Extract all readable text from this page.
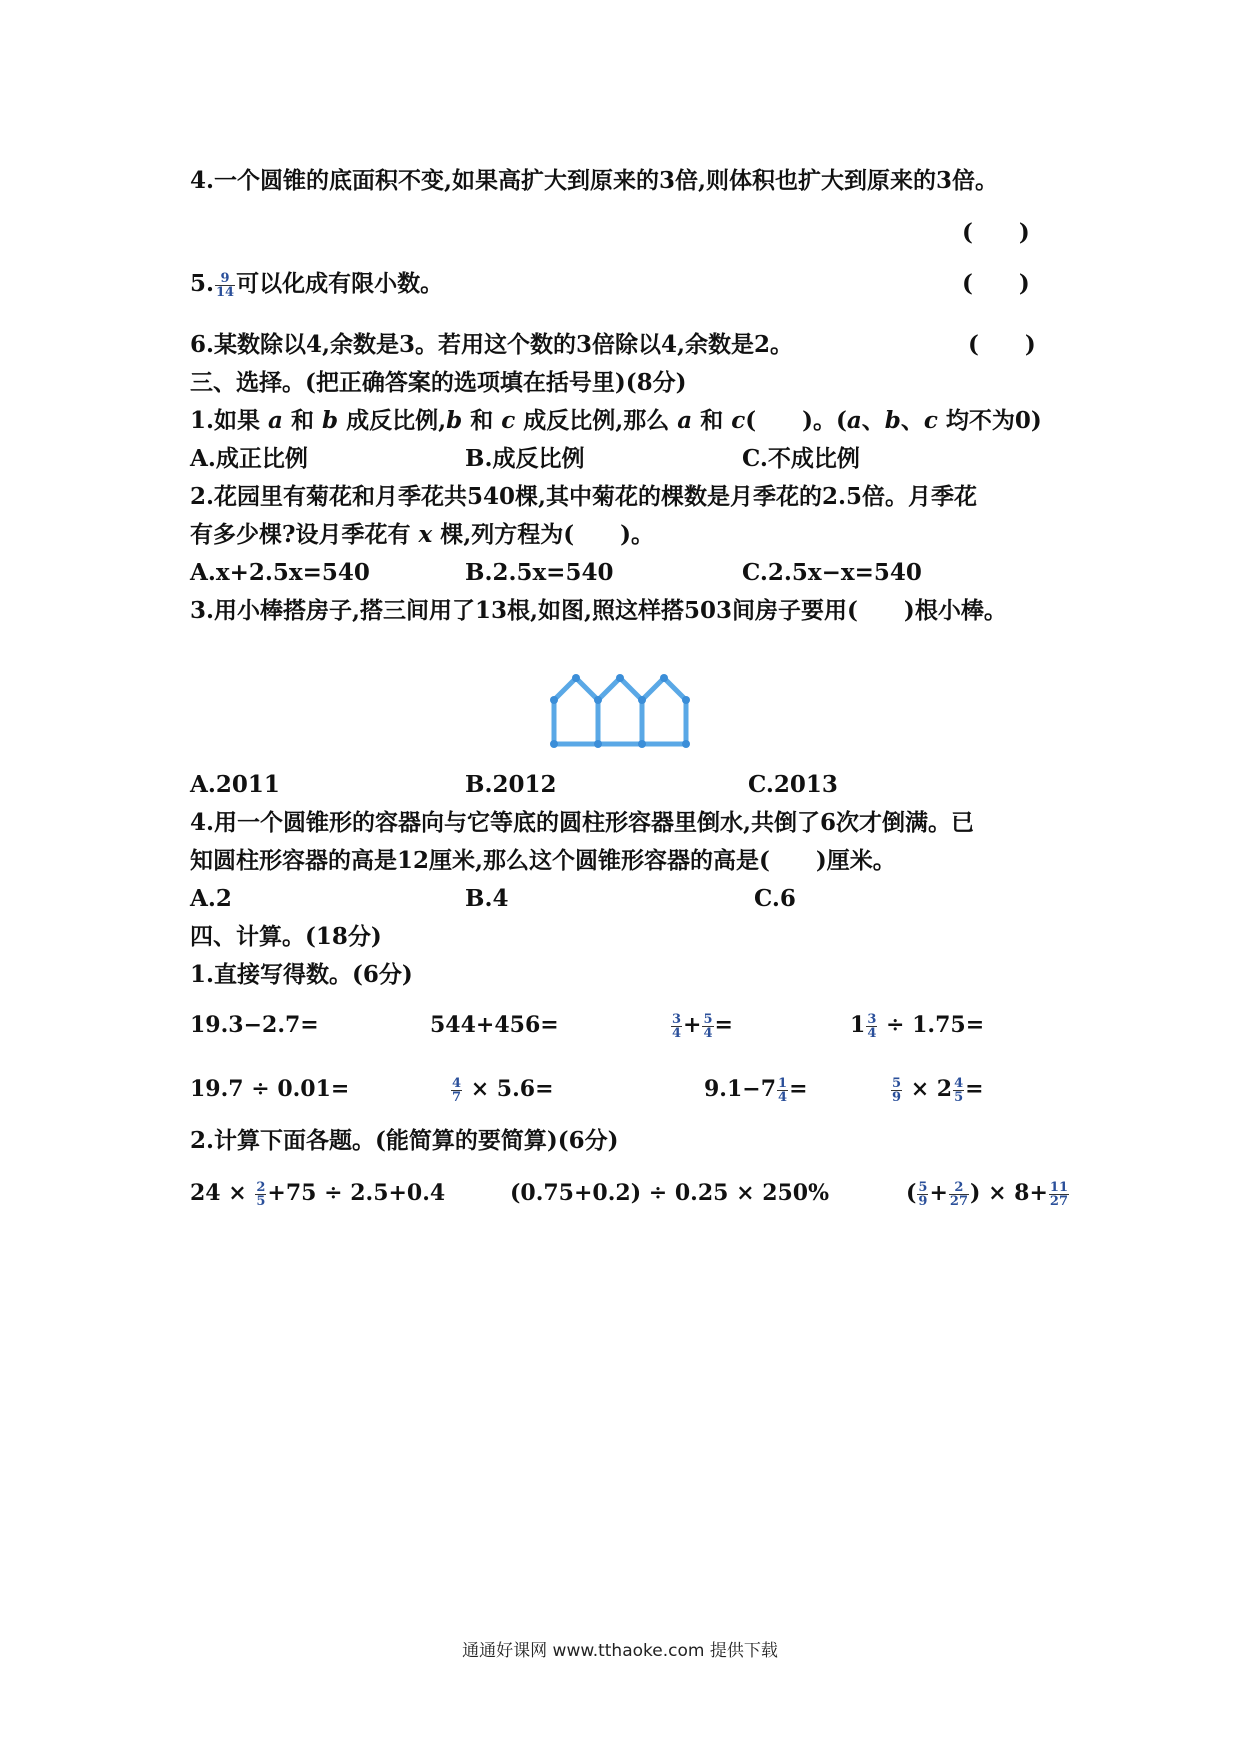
4.一个圆锥的底面积不变,如果高扩大到原来的3倍,则体积也扩大到原来的3倍。
(　　)
5. $\frac{9}{14}$ 可以化成有限小数。	(　　)
6.某数除以4,余数是3。若用这个数的3倍除以4,余数是2。	(　　)
三、选择。(把正确答案的选项填在括号里)(8分)
1.如果 a 和 b 成反比例,b 和 c 成反比例,那么 a 和 c(　　)。(a、b、c 均不为0)
A.成正比例	B.成反比例	C.不成比例
2.花园里有菊花和月季花共540棵,其中菊花的棵数是月季花的2.5倍。月季花
有多少棵?设月季花有 x 棵,列方程为(　　)。
A.x+2.5x=540	B.2.5x=540	C.2.5x−x=540
3.用小棒搭房子,搭三间用了13根,如图,照这样搭503间房子要用(　　)根小棒。
A.2011	B.2012	C.2013
4.用一个圆锥形的容器向与它等底的圆柱形容器里倒水,共倒了6次才倒满。已
知圆柱形容器的高是12厘米,那么这个圆锥形容器的高是(　　)厘米。
A.2	B.4	C.6
四、计算。(18分)
1.直接写得数。(6分)
19.3−2.7=	544+456=	$\frac{3}{4} + \frac{5}{4}$ =	$1 \frac{3}{4} \div 1.75=$
19.7 ÷ 0.01=	$\frac{4}{7} \times 5.6=$	$9.1-7 \frac{1}{4}$ =	$\frac{5}{9} \times 2 \frac{4}{5}$ =
2.计算下面各题。(能简算的要简算)(6分)
$24 \times \frac{2}{5} +75 \div 2.5+0.4$	(0.75+0.2) ÷ 0.25 × 250%	( $\frac{5}{9} + \frac{2}{27}$ ) × $8+ \frac{11}{27}$
通通好课网 www.tthaoke.com 提供下载
